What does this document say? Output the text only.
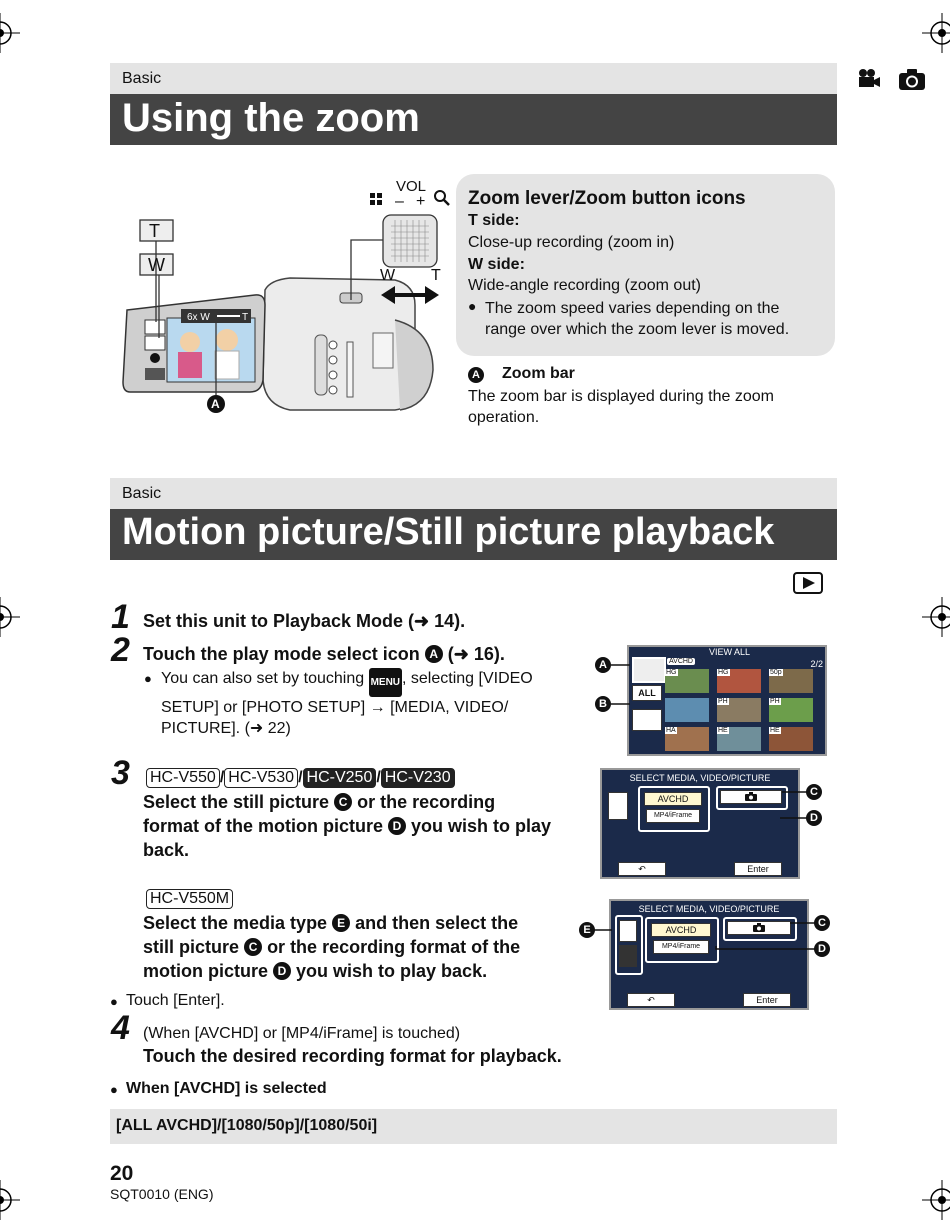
Basic
Using the zoom
6x W	T
T
W
VOL
– +
W T
A
Zoom lever/Zoom button icons
T side:
Close-up recording (zoom in)
W side:
Wide-angle recording (zoom out)
● The zoom speed varies depending on the range over which the zoom lever is moved.
A Zoom bar
The zoom bar is displayed during the zoom operation.
Basic
Motion picture/Still picture playback
1 Set this unit to Playback Mode (➜ 14).
2 Touch the play mode select icon A (➜ 16).
● You can also set by touching MENU , selecting [VIDEO SETUP] or [PHOTO SETUP] → [MEDIA, VIDEO/ PICTURE]. (➜ 22)
VIEW ALL
2/2
AVCHD
ALL
HG	HG	50p
PH	PH
HA	HE	HE
A
B
3 HC-V550 / HC-V530 / HC-V250 / HC-V230
Select the still picture C or the recording format of the motion picture D you wish to play back.
SELECT MEDIA, VIDEO/PICTURE
AVCHD
MP4/iFrame
↶	Enter
C
D
HC-V550M
Select the media type E and then select the still picture C or the recording format of the motion picture D you wish to play back.
SELECT MEDIA, VIDEO/PICTURE
AVCHD
MP4/iFrame
↶	Enter
E
C
D
● Touch [Enter].
4 (When [AVCHD] or [MP4/iFrame] is touched)
Touch the desired recording format for playback.
● When [AVCHD] is selected
[ALL AVCHD]/[1080/50p]/[1080/50i]
20
SQT0010 (ENG)
